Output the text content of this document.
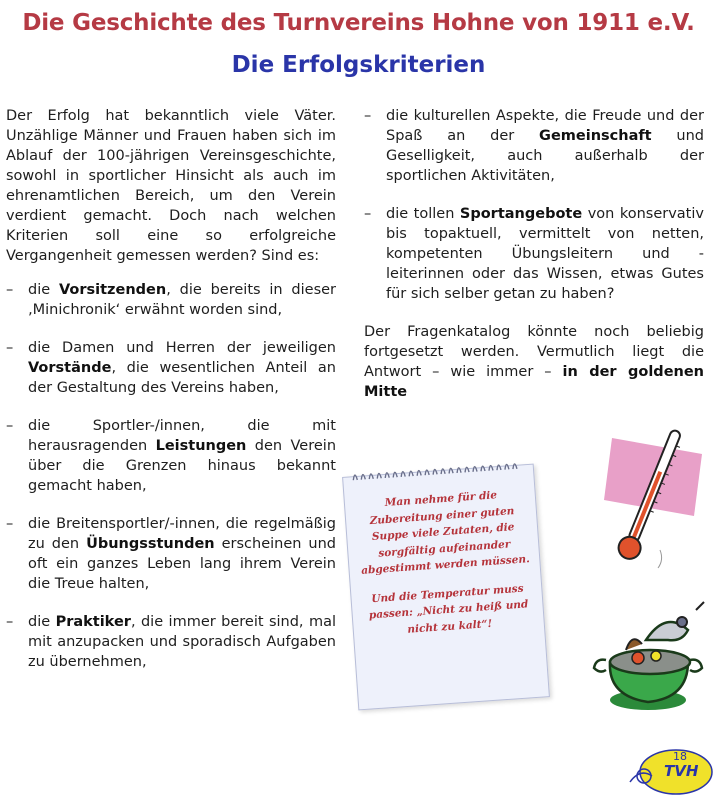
Die Geschichte des Turnvereins Hohne von 1911 e.V.
Die Erfolgskriterien

Der Erfolg hat bekanntlich viele Väter. Unzählige Männer und Frauen haben sich im Ablauf der 100-jährigen Vereinsgeschichte, sowohl in sportlicher Hinsicht als auch im ehrenamtlichen Bereich, um den Verein verdient gemacht. Doch nach welchen Kriterien soll eine so erfolgreiche Vergangenheit gemessen werden? Sind es:

– die Vorsitzenden, die bereits in dieser ‚Minichronik‘ erwähnt worden sind,

– die Damen und Herren der jeweiligen Vorstände, die wesentlichen Anteil an der Gestaltung des Vereins haben,

– die Sportler-/innen, die mit herausragenden Leistungen den Verein über die Grenzen hinaus bekannt gemacht haben,

– die Breitensportler/-innen, die regelmäßig zu den Übungsstunden erscheinen und oft ein ganzes Leben lang ihrem Verein die Treue halten,

– die Praktiker, die immer bereit sind, mal mit anzupacken und sporadisch Aufgaben zu übernehmen,

– die kulturellen Aspekte, die Freude und der Spaß an der Gemeinschaft und Geselligkeit, auch außerhalb der sportlichen Aktivitäten,

– die tollen Sportangebote von konservativ bis topaktuell, vermittelt von netten, kompetenten Übungsleitern und -leiterinnen oder das Wissen, etwas Gutes für sich selber getan zu haben?

Der Fragenkatalog könnte noch beliebig fortgesetzt werden. Vermutlich liegt die Antwort – wie immer – in der goldenen Mitte

Man nehme für die Zubereitung einer guten Suppe viele Zutaten, die sorgfältig aufeinander abgestimmt werden müssen.

Und die Temperatur muss passen: „Nicht zu heiß und nicht zu kalt“!

18
TVH
